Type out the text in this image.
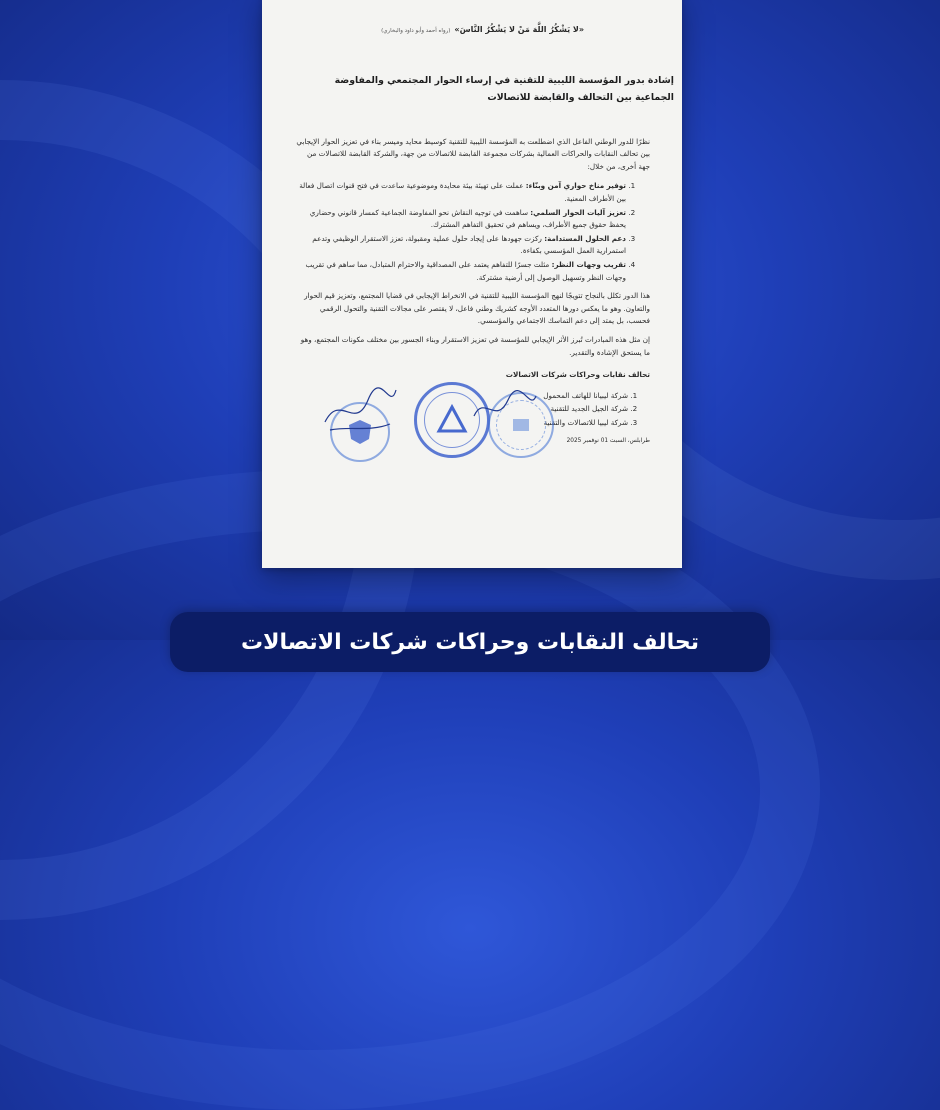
«لا يَشْكُرُ اللَّهَ مَنْ لا يَشْكُرُ النَّاسَ»(رواه أحمد وأبو داود والبخاري)
إشادة بدور المؤسسة الليبية للتقنية في إرساء الحوار المجتمعي والمفاوضة
الجماعية بين التحالف والقابضة للاتصالات
نظرًا للدور الوطني الفاعل الذي اضطلعت به المؤسسة الليبية للتقنية كوسيط محايد وميسر بناء في تعزيز الحوار الإيجابي بين تحالف النقابات والحراكات العمالية بشركات مجموعة القابضة للاتصالات من جهة، والشركة القابضة للاتصالات من جهة أخرى، من خلال:
1. توفير مناخ حواري آمن وبنّاء: عملت على تهيئة بيئة محايدة وموضوعية ساعدت في فتح قنوات اتصال فعالة بين الأطراف المعنية.
2. تعزيز آليات الحوار السلمي: ساهمت في توجيه النقاش نحو المفاوضة الجماعية كمسار قانوني وحضاري يحفظ حقوق جميع الأطراف، ويساهم في تحقيق التفاهم المشترك.
3. دعم الحلول المستدامة: ركزت جهودها على إيجاد حلول عملية ومقبولة، تعزز الاستقرار الوظيفي وتدعم استمرارية العمل المؤسسي بكفاءة.
4. تقريب وجهات النظر: مثلت جسرًا للتفاهم يعتمد على المصداقية والاحترام المتبادل، مما ساهم في تقريب وجهات النظر وتسهيل الوصول إلى أرضية مشتركة.
هذا الدور تكلل بالنجاح تتويجًا لنهج المؤسسة الليبية للتقنية في الانخراط الإيجابي في قضايا المجتمع، وتعزيز قيم الحوار والتعاون. وهو ما يعكس دورها المتعدد الأوجه كشريك وطني فاعل، لا يقتصر على مجالات التقنية والتحول الرقمي فحسب، بل يمتد إلى دعم التماسك الاجتماعي والمؤسسي.
إن مثل هذه المبادرات تُبرز الأثر الإيجابي للمؤسسة في تعزيز الاستقرار وبناء الجسور بين مختلف مكونات المجتمع، وهو ما يستحق الإشادة والتقدير.
تحالف نقابات وحراكات شركات الاتصالات
1. شركة ليبيانا للهاتف المحمول
2. شركة الجيل الجديد للتقنية
3. شركة ليبيا للاتصالات والتقنية
طرابلس، السبت 01 نوفمبر 2025
تحالف النقابات وحراكات شركات الاتصالات
